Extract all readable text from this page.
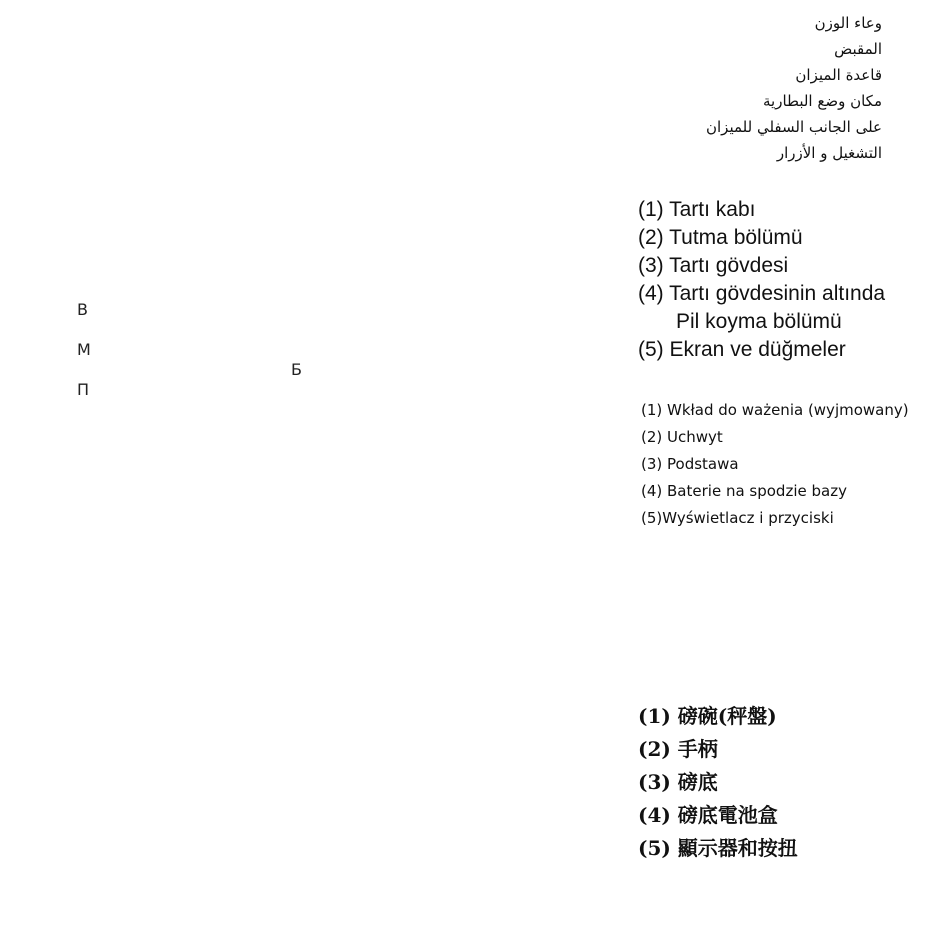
В
М
П
Б
وعاء الوزن
المقبض
قاعدة الميزان
مكان وضع البطارية
على الجانب السفلي للميزان
التشغيل و الأزرار
(1) Tartı kabı
(2) Tutma bölümü
(3) Tartı gövdesi
(4) Tartı gövdesinin altında
Pil koyma bölümü
(5) Ekran ve düğmeler
(1) Wkład do ważenia (wyjmowany)
(2) Uchwyt
(3) Podstawa
(4) Baterie na spodzie bazy
(5)Wyświetlacz i przyciski
(1) 磅碗(秤盤)
(2) 手柄
(3) 磅底
(4) 磅底電池盒
(5) 顯示器和按扭
